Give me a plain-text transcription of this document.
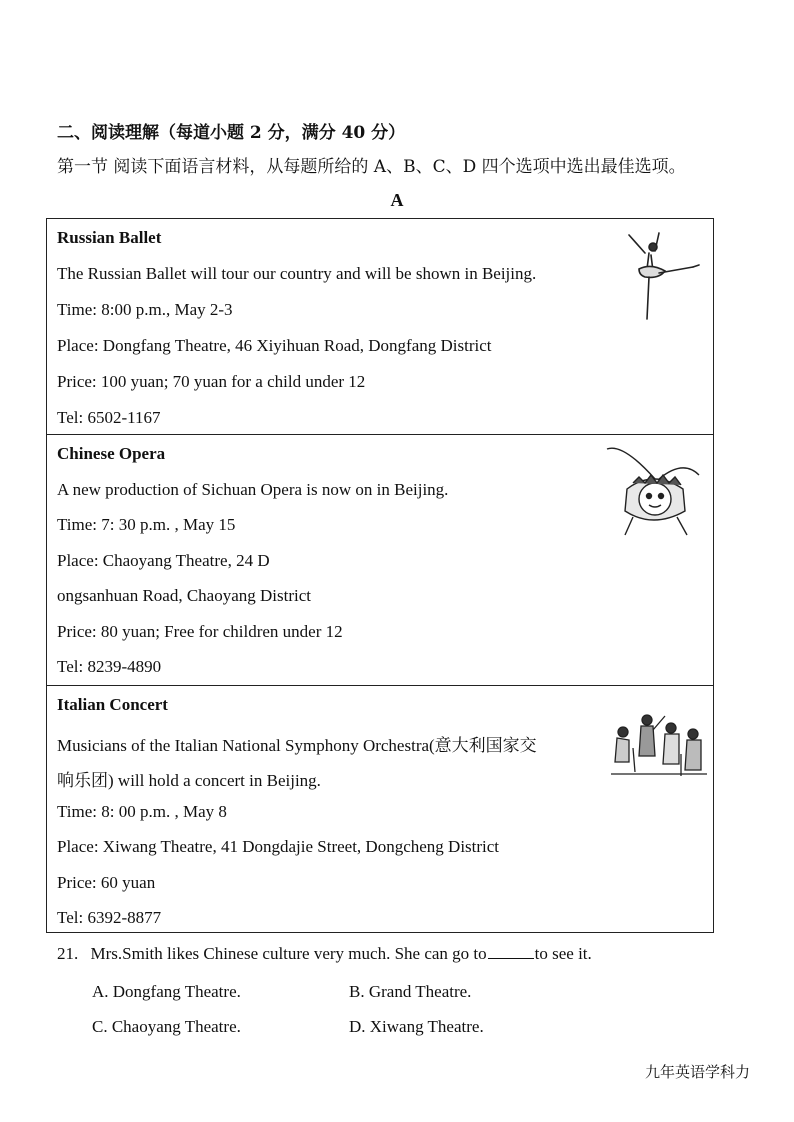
二、阅读理解（每道小题 2 分，满分 40 分）
第一节 阅读下面语言材料，从每题所给的 A、B、C、D 四个选项中选出最佳选项。
A
Russian Ballet
The Russian Ballet will tour our country and will be shown in Beijing.
Time: 8:00 p.m., May 2-3
Place: Dongfang Theatre, 46 Xiyihuan Road, Dongfang District
Price: 100 yuan; 70 yuan for a child under 12
Tel: 6502-1167
Chinese Opera
A new production of Sichuan Opera is now on in Beijing.
Time: 7: 30 p.m. , May 15
Place: Chaoyang Theatre, 24 D
ongsanhuan Road, Chaoyang District
Price: 80 yuan; Free for children under 12
Tel: 8239-4890
Italian Concert
Musicians of the Italian National Symphony Orchestra(意大利国家交
响乐团) will hold a concert in Beijing.
Time: 8: 00 p.m. , May 8
Place: Xiwang Theatre, 41 Dongdajie Street, Dongcheng District
Price: 60 yuan
Tel: 6392-8877
21. Mrs.Smith likes Chinese culture very much. She can go to	to see it.
A. Dongfang Theatre.	B. Grand Theatre.
C. Chaoyang Theatre.	D. Xiwang Theatre.
九年英语学科力
